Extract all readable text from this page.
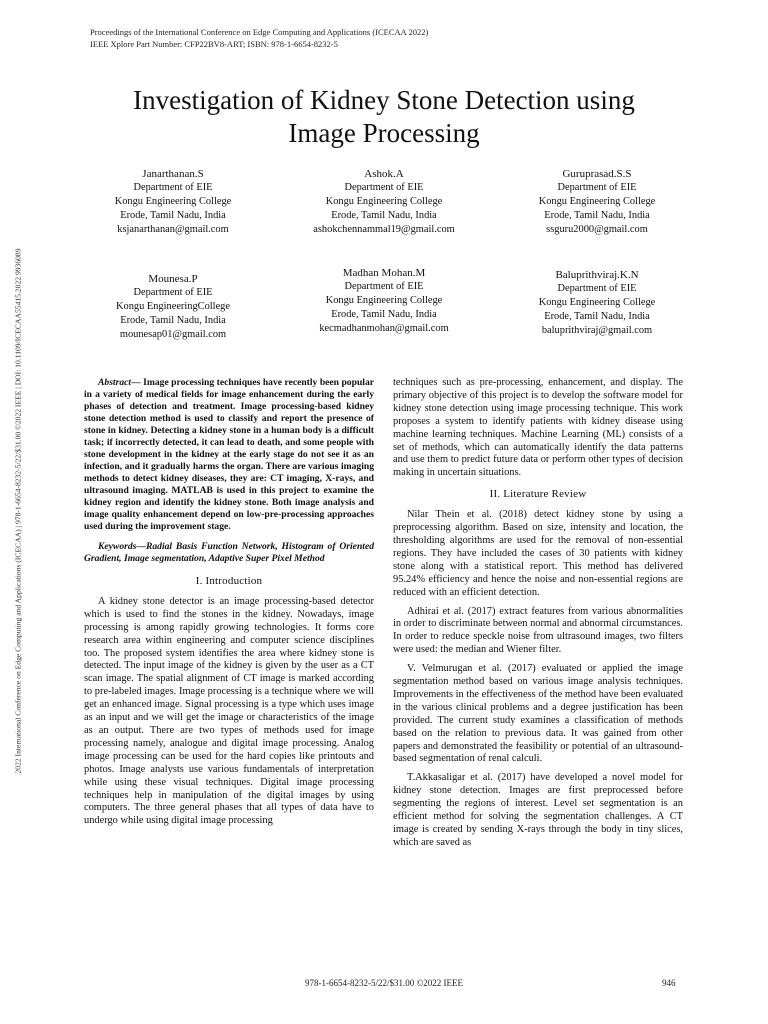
Proceedings of the International Conference on Edge Computing and Applications (ICECAA 2022)
IEEE Xplore Part Number: CFP22BV8-ART; ISBN: 978-1-6654-8232-5
2022 International Conference on Edge Computing and Applications (ICECAA) | 978-1-6654-8232-5/22/$31.00 ©2022 IEEE | DOI: 10.1109/ICECAA55415.2022.9936089
Investigation of Kidney Stone Detection using
Image Processing
Janarthanan.S
Department of EIE
Kongu Engineering College
Erode, Tamil Nadu, India
ksjanarthanan@gmail.com
Ashok.A
Department of EIE
Kongu Engineering College
Erode, Tamil Nadu, India
ashokchennammal19@gmail.com
Guruprasad.S.S
Department of EIE
Kongu Engineering College
Erode, Tamil Nadu, India
ssguru2000@gmail.com
Mounesa.P
Department of EIE
Kongu EngineeringCollege
Erode, Tamil Nadu, India
mounesap01@gmail.com
Madhan Mohan.M
Department of EIE
Kongu Engineering College
Erode, Tamil Nadu, India
kecmadhanmohan@gmail.com
Baluprithviraj.K.N
Department of EIE
Kongu Engineering College
Erode, Tamil Nadu, India
baluprithviraj@gmail.com
Abstract— Image processing techniques have recently been popular in a variety of medical fields for image enhancement during the early phases of detection and treatment. Image processing-based kidney stone detection method is used to classify and report the presence of stone in kidney. Detecting a kidney stone in a human body is a difficult task; if incorrectly detected, it can lead to death, and some people with stone development in the kidney at the early stage do not see it as an infection, and it gradually harms the organ. There are various imaging methods to detect kidney diseases, they are: CT imaging, X-rays, and ultrasound imaging. MATLAB is used in this project to examine the kidney region and identify the kidney stone. Both image analysis and image quality enhancement depend on low-pre-processing approaches used during the improvement stage.
Keywords—Radial Basis Function Network, Histogram of Oriented Gradient, Image segmentation, Adaptive Super Pixel Method
I. Introduction

A kidney stone detector is an image processing-based detector which is used to find the stones in the kidney. Nowadays, image processing is among rapidly growing technologies. It forms core research area within engineering and computer science disciplines too. The proposed system identifies the area where kidney stone is detected. The input image of the kidney is given by the user as a CT scan image. The spatial alignment of CT image is marked according to pre-labeled images. Image processing is a technique where we will get an enhanced image. Signal processing is a type which uses image as an input and we will get the image or characteristics of the image as an output. There are two types of methods used for image processing namely, analogue and digital image processing. Analog image processing can be used for the hard copies like printouts and photos. Image analysts use various fundamentals of interpretation while using these visual techniques. Digital image processing techniques help in manipulation of the digital images by using computers. The three general phases that all types of data have to undergo while using digital image processing

techniques such as pre-processing, enhancement, and display. The primary objective of this project is to develop the software model for kidney stone detection using image processing technique. This work proposes a system to identify patients with kidney disease using machine learning techniques. Machine Learning (ML) consists of a set of methods, which can automatically identify the data patterns and use them to predict future data or perform other types of decision making in uncertain situations.

II. Literature Review

Nilar Thein et al. (2018) detect kidney stone by using a preprocessing algorithm. Based on size, intensity and location, the thresholding algorithms are used for the removal of non-essential regions. They have included the cases of 30 patients with kidney stone along with a statistical report. This method has delivered 95.24% efficiency and hence the noise and non-essential regions are reduced with an efficient detection.

Adhirai et al. (2017) extract features from various abnormalities in order to discriminate between normal and abnormal circumstances. In order to reduce speckle noise from ultrasound images, two filters were used: the median and Wiener filter.

V. Velmurugan et al. (2017) evaluated or applied the image segmentation method based on various image analysis techniques. Improvements in the effectiveness of the method have been evaluated in the various clinical problems and a degree justification has been provided. The current study examines a classification of methods based on the relation to previous data. It was gained from other papers and demonstrated the feasibility or potential of an ultrasound-based segmentation of renal calculi.

T.Akkasaligar et al. (2017) have developed a novel model for kidney stone detection. Images are first preprocessed before segmenting the regions of interest. Level set segmentation is an efficient method for solving the segmentation challenges. A CT image is created by sending X-rays through the body in tiny slices, which are saved as

978-1-6654-8232-5/22/$31.00 ©2022 IEEE	946
